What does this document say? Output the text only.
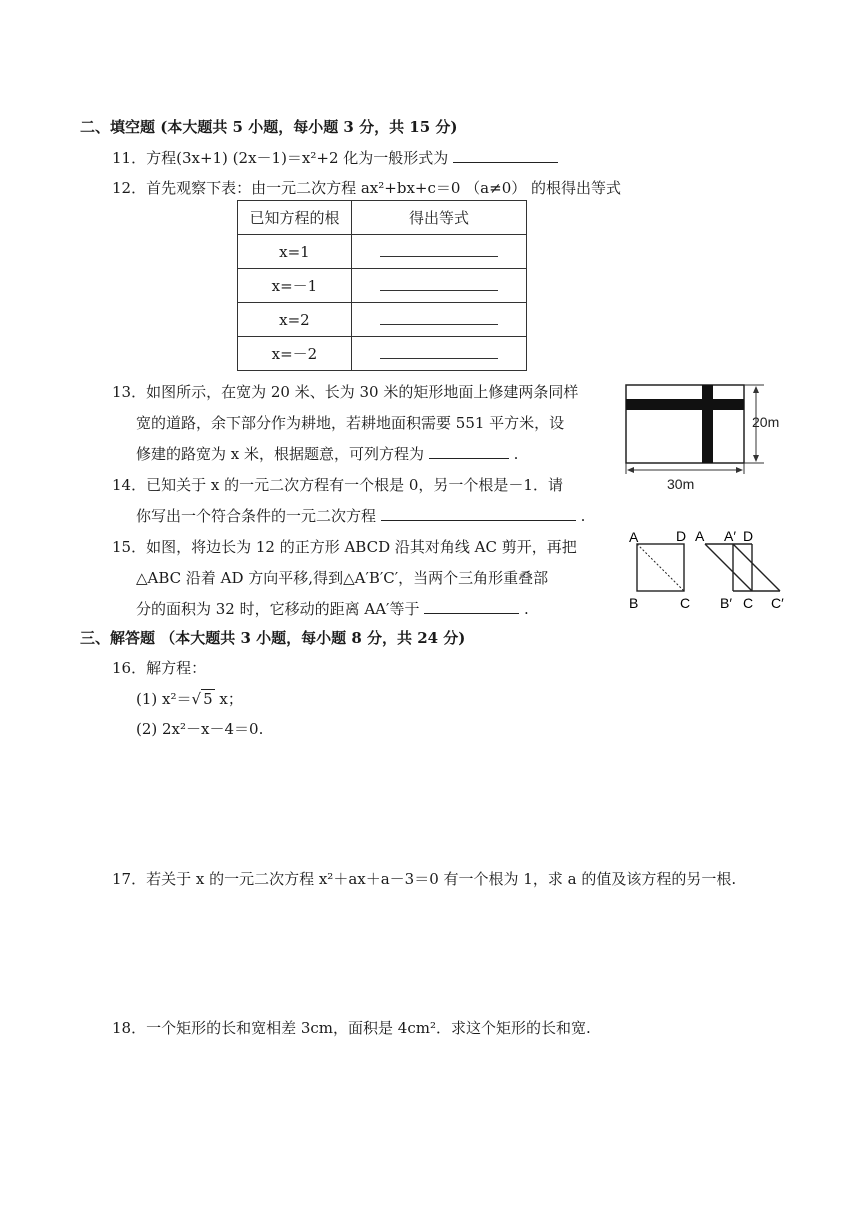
二、填空题 (本大题共 5 小题，每小题 3 分，共 15 分)
11．方程(3x+1) (2x－1)＝x²+2 化为一般形式为
12．首先观察下表：由一元二次方程 ax²+bx+c＝0 （a≠0） 的根得出等式
已知方程的根	得出等式
x=1	
x=－1	
x=2	
x=－2	
13．如图所示，在宽为 20 米、长为 30 米的矩形地面上修建两条同样
宽的道路，余下部分作为耕地，若耕地面积需要 551 平方米，设
修建的路宽为 x 米，根据题意，可列方程为	.
20m
30m
14．已知关于 x 的一元二次方程有一个根是 0，另一个根是－1．请
你写出一个符合条件的一元二次方程	.
15．如图，将边长为 12 的正方形 ABCD 沿其对角线 AC 剪开，再把
△ABC 沿着 AD 方向平移,得到△A′B′C′，当两个三角形重叠部
分的面积为 32 时，它移动的距离 AA′等于	.
A	D
B	C
A A′ D
B′ C C′
三、解答题 （本大题共 3 小题，每小题 8 分，共 24 分)
16．解方程：
(1) x²＝√ 5 x；
(2) 2x²－x－4＝0.
17．若关于 x 的一元二次方程 x²＋ax＋a－3＝0 有一个根为 1，求 a 的值及该方程的另一根.
18．一个矩形的长和宽相差 3cm，面积是 4cm²．求这个矩形的长和宽.
